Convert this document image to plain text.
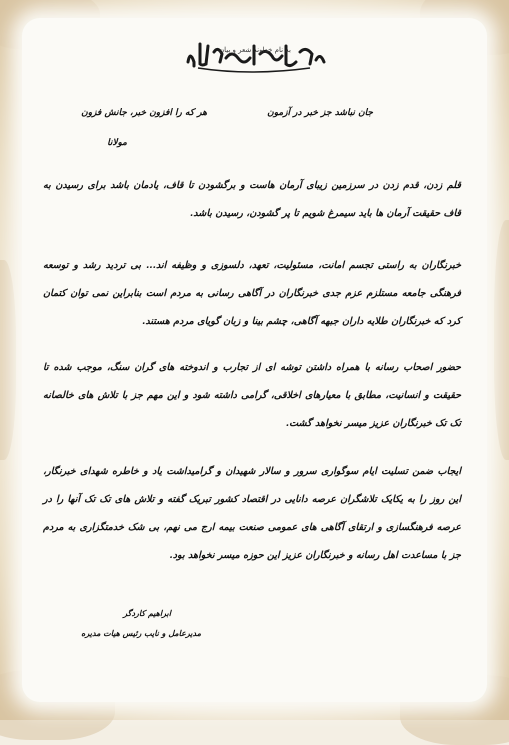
به نام خداوند شعر و بیان
جان نباشد جز خبر در آزمون
هر که را افزون خبر، جانش فزون
مولانا
قلم زدن، قدم زدن در سرزمین زیبای آرمان هاست و برگشودن تا قاف، یادمان باشد برای رسیدن به قاف حقیقت آرمان ها باید سیمرغ شویم تا پر گشودن، رسیدن باشد.
خبرنگاران به راستی تجسم امانت، مسئولیت، تعهد، دلسوزی و وظیفه اند... بی تردید رشد و توسعه فرهنگی جامعه مستلزم عزم جدی خبرنگاران در آگاهی رسانی به مردم است بنابراین نمی توان کتمان کرد که خبرنگاران طلایه داران جبهه آگاهی، چشم بینا و زبان گویای مردم هستند.
حضور اصحاب رسانه با همراه داشتن توشه ای از تجارب و اندوخته های گران سنگ، موجب شده تا حقیقت و انسانیت، مطابق با معیارهای اخلاقی، گرامی داشته شود و این مهم جز با تلاش های خالصانه تک تک خبرنگاران عزیز میسر نخواهد گشت.
ایجاب ضمن تسلیت ایام سوگواری سرور و سالار شهیدان و گرامیداشت یاد و خاطره شهدای خبرنگار، این روز را به یکایک تلاشگران عرصه دانایی در اقتصاد کشور تبریک گفته و تلاش های تک تک آنها را در عرصه فرهنگسازی و ارتقای آگاهی های عمومی صنعت بیمه ارج می نهم، بی شک خدمتگزاری به مردم جز با مساعدت اهل رسانه و خبرنگاران عزیز این حوزه میسر نخواهد بود.
ابراهیم کاردگر
مدیرعامل و نایب رئیس هیات مدیره
